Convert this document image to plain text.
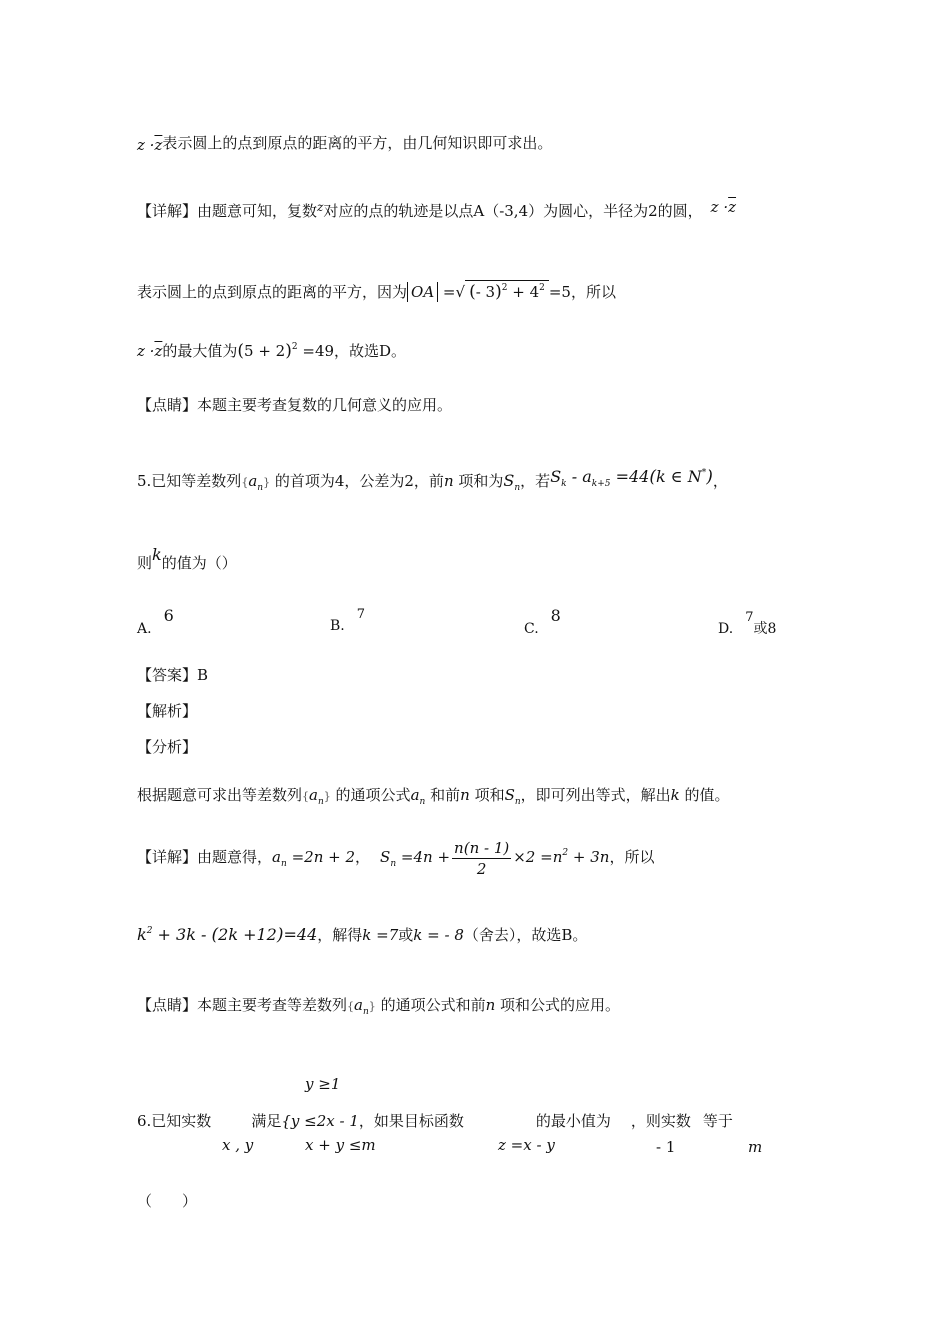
$z \cdot\overline{z}$表示圆上的点到原点的距离的平方，由几何知识即可求出。
【详解】由题意可知，复数$^z$对应的点的轨迹是以点A（-3,4）为圆心，半径为2的圆， $z \cdot\overline{z}$
表示圆上的点到原点的距离的平方，因为 OA =√ (- $3)^2 + 4^2 =5$，所以
$z \cdot\overline{z}$的最大值为$(5 + 2)^2 =49$，故选D。
【点睛】本题主要考查复数的几何意义的应用。
5.已知等差数列$\{a_n\}$ 的首项为4，公差为2，前n 项和为$S_n$，若$S_k - a_{k+5} =44(k$ ∈ N*)，
则k的值为（）
A.6
B.7
C.8
D.7或8
【答案】B
【解析】
【分析】
根据题意可求出等差数列$\{a_n\}$ 的通项公式$a_n$ 和前n 项和$S_n$，即可列出等式，解出k 的值。
【详解】由题意得，$a_n =2n + 2$， $S_n =4n + \frac{n(n - 1)}{2} \times 2 =n^2 + 3n$，所以
$k^2 + 3k - (2k +12)=44$，解得k =7或k = - 8（舍去），故选B。
【点睛】本题主要考查等差数列$\{a_n\}$ 的通项公式和前n 项和公式的应用。
y ≥1
6.已知实数	满足{y ≤2x - 1，如果目标函数	的最小值为 ，则实数 等于
x , y	x + y ≤m	z =x - y	- 1	m
（　　）
